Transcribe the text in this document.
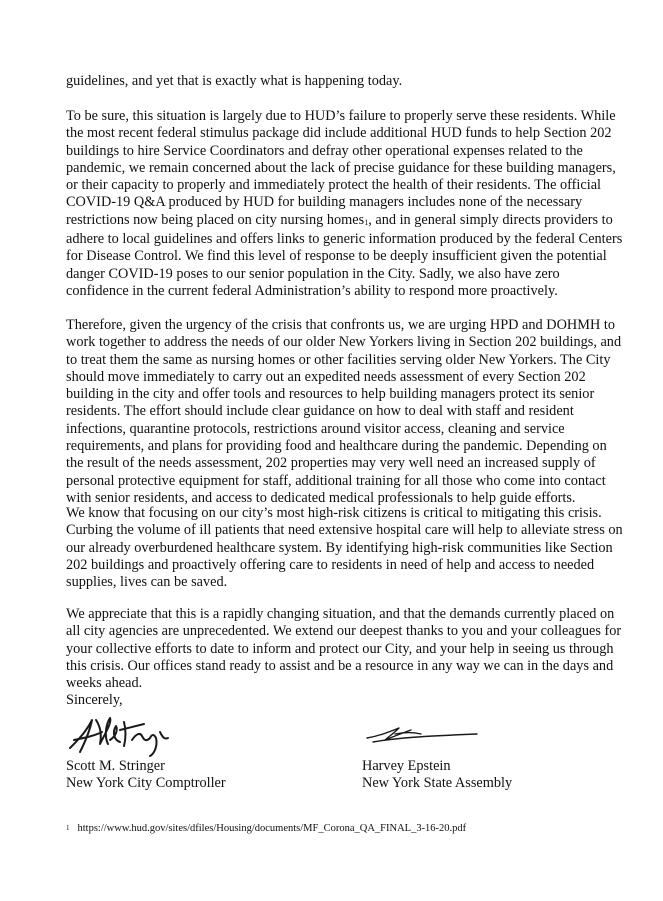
guidelines, and yet that is exactly what is happening today.

To be sure, this situation is largely due to HUD’s failure to properly serve these residents. While the most recent federal stimulus package did include additional HUD funds to help Section 202 buildings to hire Service Coordinators and defray other operational expenses related to the pandemic, we remain concerned about the lack of precise guidance for these building managers, or their capacity to properly and immediately protect the health of their residents. The official COVID-19 Q&A produced by HUD for building managers includes none of the necessary restrictions now being placed on city nursing homes$_1$, and in general simply directs providers to adhere to local guidelines and offers links to generic information produced by the federal Centers for Disease Control. We find this level of response to be deeply insufficient given the potential danger COVID-19 poses to our senior population in the City. Sadly, we also have zero confidence in the current federal Administration’s ability to respond more proactively.

Therefore, given the urgency of the crisis that confronts us, we are urging HPD and DOHMH to work together to address the needs of our older New Yorkers living in Section 202 buildings, and to treat them the same as nursing homes or other facilities serving older New Yorkers. The City should move immediately to carry out an expedited needs assessment of every Section 202 building in the city and offer tools and resources to help building managers protect its senior residents. The effort should include clear guidance on how to deal with staff and resident infections, quarantine protocols, restrictions around visitor access, cleaning and service requirements, and plans for providing food and healthcare during the pandemic. Depending on the result of the needs assessment, 202 properties may very well need an increased supply of personal protective equipment for staff, additional training for all those who come into contact with senior residents, and access to dedicated medical professionals to help guide efforts.

We know that focusing on our city’s most high-risk citizens is critical to mitigating this crisis. Curbing the volume of ill patients that need extensive hospital care will help to alleviate stress on our already overburdened healthcare system. By identifying high-risk communities like Section 202 buildings and proactively offering care to residents in need of help and access to needed supplies, lives can be saved.

We appreciate that this is a rapidly changing situation, and that the demands currently placed on all city agencies are unprecedented. We extend our deepest thanks to you and your colleagues for your collective efforts to date to inform and protect our City, and your help in seeing us through this crisis. Our offices stand ready to assist and be a resource in any way we can in the days and weeks ahead.

Sincerely,
Scott M. Stringer
New York City Comptroller
Harvey Epstein
New York State Assembly
1 https://www.hud.gov/sites/dfiles/Housing/documents/MF_Corona_QA_FINAL_3-16-20.pdf
